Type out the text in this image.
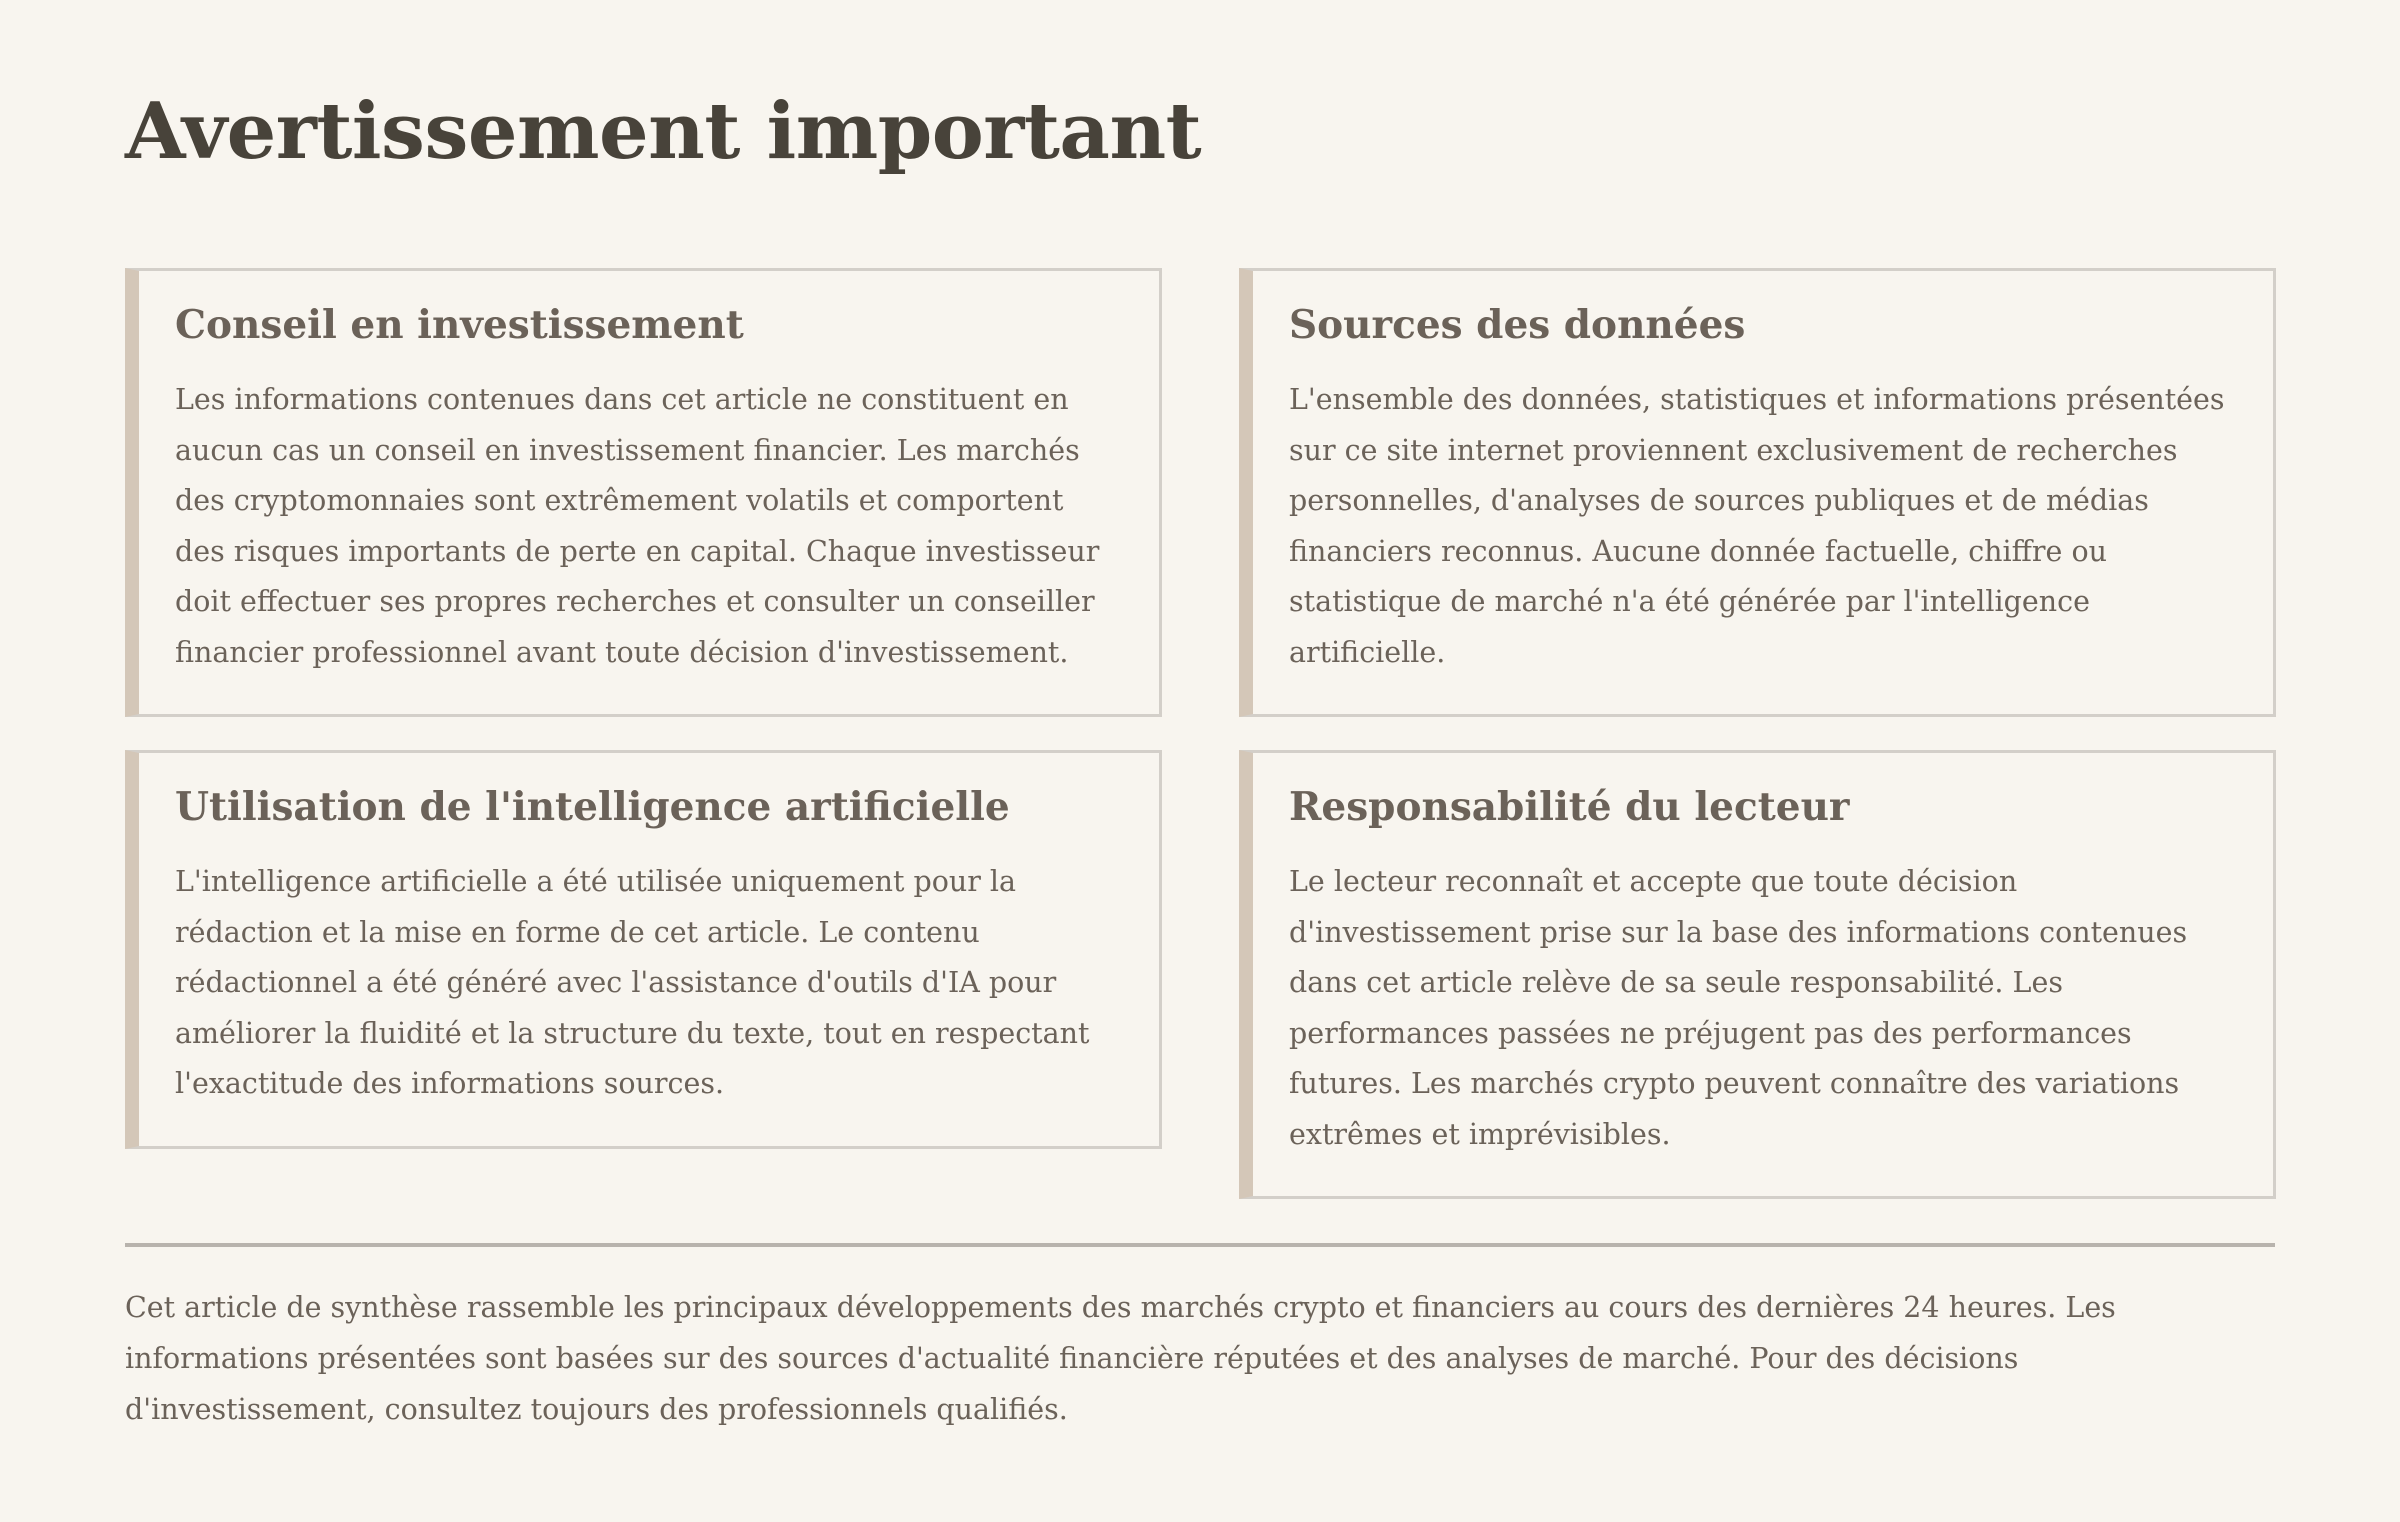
Avertissement important
Conseil en investissement

Les informations contenues dans cet article ne constituent en aucun cas un conseil en investissement financier. Les marchés des cryptomonnaies sont extrêmement volatils et comportent des risques importants de perte en capital. Chaque investisseur doit effectuer ses propres recherches et consulter un conseiller financier professionnel avant toute décision d'investissement.

Utilisation de l'intelligence artificielle

L'intelligence artificielle a été utilisée uniquement pour la rédaction et la mise en forme de cet article. Le contenu rédactionnel a été généré avec l'assistance d'outils d'IA pour améliorer la fluidité et la structure du texte, tout en respectant l'exactitude des informations sources.

Sources des données

L'ensemble des données, statistiques et informations présentées sur ce site internet proviennent exclusivement de recherches personnelles, d'analyses de sources publiques et de médias financiers reconnus. Aucune donnée factuelle, chiffre ou statistique de marché n'a été générée par l'intelligence artificielle.

Responsabilité du lecteur

Le lecteur reconnaît et accepte que toute décision d'investissement prise sur la base des informations contenues dans cet article relève de sa seule responsabilité. Les performances passées ne préjugent pas des performances futures. Les marchés crypto peuvent connaître des variations extrêmes et imprévisibles.

Cet article de synthèse rassemble les principaux développements des marchés crypto et financiers au cours des dernières 24 heures. Les informations présentées sont basées sur des sources d'actualité financière réputées et des analyses de marché. Pour des décisions d'investissement, consultez toujours des professionnels qualifiés.
